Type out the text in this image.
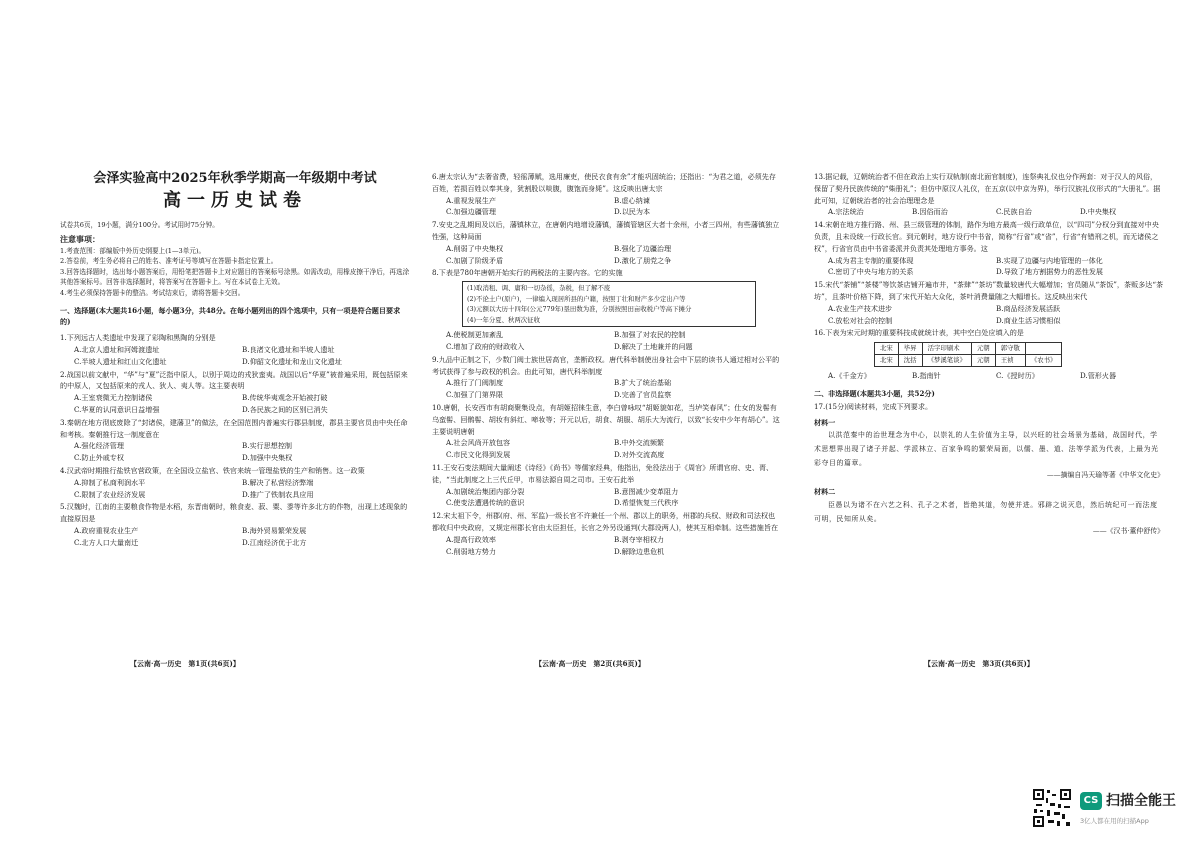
会泽实验高中2025年秋季学期高一年级期中考试
高一历史试卷
试卷共6页，19小题，满分100分。考试用时75分钟。
注意事项：
1.考查范围：部编版中外历史纲要上(1—3单元)。
2.答卷前，考生务必将自己的姓名、准考证号等填写在答题卡指定位置上。
3.回答选择题时，选出每小题答案后，用铅笔把答题卡上对应题目的答案标号涂黑。如需改动，用橡皮擦干净后，再选涂其他答案标号。回答非选择题时，将答案写在答题卡上。写在本试卷上无效。
4.考生必须保持答题卡的整洁。考试结束后，请将答题卡交回。
一、选择题(本大题共16小题，每小题3分，共48分。在每小题列出的四个选项中，只有一项是符合题目要求的)
1.下列远古人类遗址中发现了彩陶和黑陶的分别是
A.北京人遗址和河姆渡遗址	B.良渚文化遗址和半坡人遗址
C.半坡人遗址和红山文化遗址	D.仰韶文化遗址和龙山文化遗址
2.战国以前文献中，“华”与“夏”泛指中原人，以别于周边的戎狄蛮夷。战国以后“华夏”被普遍采用，既包括原来的中原人，又包括原来的戎人、狄人、夷人等。这主要表明
A.王室衰微无力控制诸侯	B.传统华夷观念开始被打破
C.华夏的认同意识日益增强	D.各民族之间的区别已消失
3.秦朝在地方彻底废除了“封诸侯，建藩卫”的做法，在全国范围内普遍实行郡县制度，郡县主要官员由中央任命和考核。秦朝推行这一制度意在
A.强化经济管理	B.实行思想控制
C.防止外戚专权	D.加强中央集权
4.汉武帝时期推行盐铁官营政策，在全国设立盐官、铁官来统一管理盐铁的生产和销售。这一政策
A.抑制了私商利润水平	B.解决了私营经济弊端
C.限制了农业经济发展	D.推广了铁制农具应用
5.汉魏时，江南的主要粮食作物是水稻，东晋南朝时，粮食麦、菽、粟、黍等许多北方的作物，出现上述现象的直接原因是
A.政府重视农业生产	B.海外贸易繁荣发展
C.北方人口大量南迁	D.江南经济优于北方
6.唐太宗认为“去奢省费，轻徭薄赋，选用廉吏，使民衣食有余”才能巩固统治；还指出：“为君之道，必须先存百姓，若损百姓以奉其身，犹割股以啖腹，腹饱而身毙”。这反映出唐太宗
A.重视发展生产	B.虚心纳谏
C.加强边疆管理	D.以民为本
7.安史之乱期间及以后，藩镇林立，在唐朝内地增设藩镇，藩镇管辖区大者十余州，小者三四州，有些藩镇独立性强，这种局面
A.削弱了中央集权	B.强化了边疆治理
C.加剧了阶级矛盾	D.激化了朋党之争
8.下表是780年唐朝开始实行的两税法的主要内容。它的实施
(1)取消租、调、庸和一切杂徭，杂税，但了解不废
(2)不论土户(原户)，一律编入现居所县的户籍，按照丁壮和财产多少定出户等
(3)元额以大历十四年(公元779年)垦田数为准，分别按照田亩收税户等高下摊分
(4)一年分夏、秋两次征收
A.使税制更加紊乱	B.加强了对农民的控制
C.增加了政府的财政收入	D.解决了土地兼并的问题
9.九品中正制之下，少数门阀士族世居高官，垄断政权。唐代科举制使出身社会中下层的读书人通过相对公平的考试获得了参与政权的机会。由此可知，唐代科举制度
A.推行了门阀制度	B.扩大了统治基础
C.加强了门第界限	D.完善了官员监察
10.唐朝，长安西市有胡商聚集设点，有胡姬招徕生意，李白曾咏叹“胡姬貌如花，当垆笑春风”；仕女的发髻有乌蛮髻、回鹘髻、胡妆有斜红、啼妆等；开元以后，胡食、胡服、胡乐大为流行，以致“长安中少年有胡心”。这主要说明唐朝
A.社会风尚开放包容	B.中外交流频繁
C.市民文化得到发展	D.对外交流高度
11.王安石变法期间大量阐述《诗经》《尚书》等儒家经典，他指出，免役法出于《周官》所谓官府、史、胥、徒，“当此制度之上三代丘甲，市易法源自周之司市。王安石此举
A.加剧统治集团内部分裂	B.意图减少变革阻力
C.使变法遭遇传统的意识	D.希望恢复三代秩序
12.宋太祖下令，州郡(府、州、军监)一级长官不许兼任一个州、郡以上的职务，州郡的兵权、财政和司法权也都收归中央政府，又规定州郡长官由太臣担任，长官之外另设通判(大郡设两人)，使其互相牵制。这些措施旨在
A.提高行政效率	B.剥夺宰相权力
C.削弱地方势力	D.解除边患危机
13.据记载，辽朝统治者不但在政治上实行双轨制(南北面官制度)，连祭典礼仪也分作两套：对于汉人的风俗，保留了契丹民族传统的“柴册礼”；但仿中原汉人礼仪，在五京(以中京为界)，举行汉族礼仪形式的“大册礼”。据此可知，辽朝统治者的社会治理理念是
A.宗法统治	B.因俗而治	C.民族自治	D.中央集权
14.宋朝在地方推行路、州、县三级管理的体制，路作为地方最高一级行政单位，以“四司”分权分到直接对中央负责，且未设统一行政长官。到元朝时，地方设行中书省，简称“行省”或“省”，行省“有错刑之机，而无诸侯之权”，行省官员由中书省委派并负责其处理地方事务。这
A.成为君主专制的重要体现	B.实现了边疆与内地管理的一体化
C.密切了中央与地方的关系	D.导致了地方割据势力的恶性发展
15.宋代“茶铺”“茶楼”等饮茶店铺开遍市井，“茶肆”“茶坊”数量较唐代大幅增加；官员随从“茶饭”，茶贩多达“茶坊”，且茶叶价格下降，到了宋代开始大众化，茶叶消费量随之大幅增长。这反映出宋代
A.农业生产技术进步	B.商品经济发展活跃
C.放松对社会的控制	D.商业生活习惯相似
16.下表为宋元时期的重要科技成就统计表，其中空白处应填入的是
北宋	毕昇	活字印刷术	元朝	郭守敬	
北宋	沈括	《梦溪笔谈》	元朝	王祯	《农书》
A.《千金方》	B.指南针	C.《授时历》	D.管形火器
二、非选择题(本题共3小题，共52分)
17.(15分)阅读材料，完成下列要求。
材料一
以洪范秦中的治世理念为中心，以崇礼的人生价值为主导，以兴旺的社会场景为基础，战国时代，学术思想界出现了诸子并起、学派林立、百家争鸣的繁荣局面，以儒、墨、道、法等学派为代表，上最为光彩夺目的篇章。
——摘编自冯天瑜等著《中华文化史》
材料二
臣愚以为诸不在六艺之科、孔子之术者，皆绝其道，勿使并进。邪辟之说灭息，然后统纪可一而法度可明，民知所从矣。
——《汉书·董仲舒传》
【云南·高一历史　第1页(共6页)】	【云南·高一历史　第2页(共6页)】	【云南·高一历史　第3页(共6页)】
CS 扫描全能王
3亿人都在用的扫描App
